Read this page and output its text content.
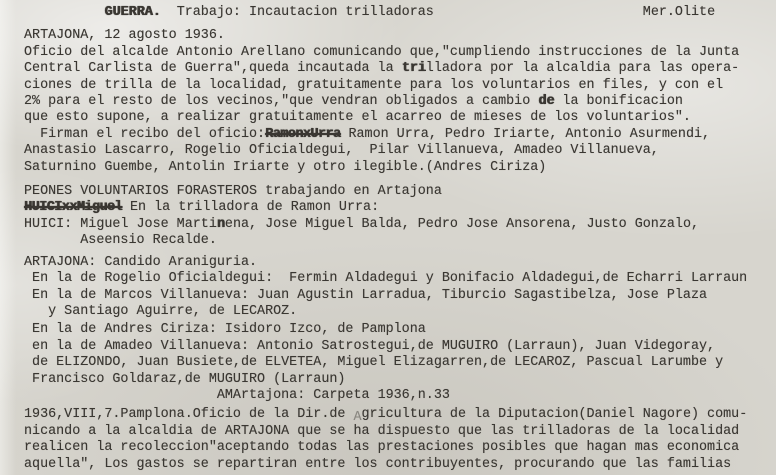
GUERRA. Trabajo: Incautacion trilladoras	Mer.Olite
ARTAJONA, 12 agosto 1936.
Oficio del alcalde Antonio Arellano comunicando que,"cumpliendo instrucciones de la Junta
Central Carlista de Guerra",queda incautada la trilladora por la alcaldia para las opera-
ciones de trilla de la localidad, gratuitamente para los voluntarios en files, y con el
2% para el resto de los vecinos,"que vendran obligados a cambio de la bonificacion
que esto supone, a realizar gratuitamente el acarreo de mieses de los voluntarios".
Firman el recibo del oficio:RamonxUrra Ramon Urra, Pedro Iriarte, Antonio Asurmendi,
Anastasio Lascarro, Rogelio Oficialdegui,  Pilar Villanueva, Amadeo Villanueva,
Saturnino Guembe, Antolin Iriarte y otro ilegible.(Andres Ciriza)
PEONES VOLUNTARIOS FORASTEROS trabajando en Artajona
HUICIxxMiguel En la trilladora de Ramon Urra:
HUICI: Miguel Jose Martinena, Jose Miguel Balda, Pedro Jose Ansorena, Justo Gonzalo,
Aseensio Recalde.
ARTAJONA: Candido Araniguria.
En la de Rogelio Oficialdegui:  Fermin Aldadegui y Bonifacio Aldadegui,de Echarri Larraun
En la de Marcos Villanueva: Juan Agustin Larradua, Tiburcio Sagastibelza, Jose Plaza
y Santiago Aguirre, de LECAROZ.
En la de Andres Ciriza: Isidoro Izco, de Pamplona
en la de Amadeo Villanueva: Antonio Satrostegui,de MUGUIRO (Larraun), Juan Videgoray,
de ELIZONDO, Juan Busiete,de ELVETEA, Miguel Elizagarren,de LECAROZ, Pascual Larumbe y
Francisco Goldaraz,de MUGUIRO (Larraun)
AMArtajona: Carpeta 1936,n.33
1936,VIII,7.Pamplona.Oficio de la Dir.de Agricultura de la Diputacion(Daniel Nagore) comu-
nicando a la alcaldia de ARTAJONA que se ha dispuesto que las trilladoras de la localidad
realicen la recoleccion"aceptando todas las prestaciones posibles que hagan mas economica
aquella", Los gastos se repartiran entre los contribuyentes, procurando que las familias
